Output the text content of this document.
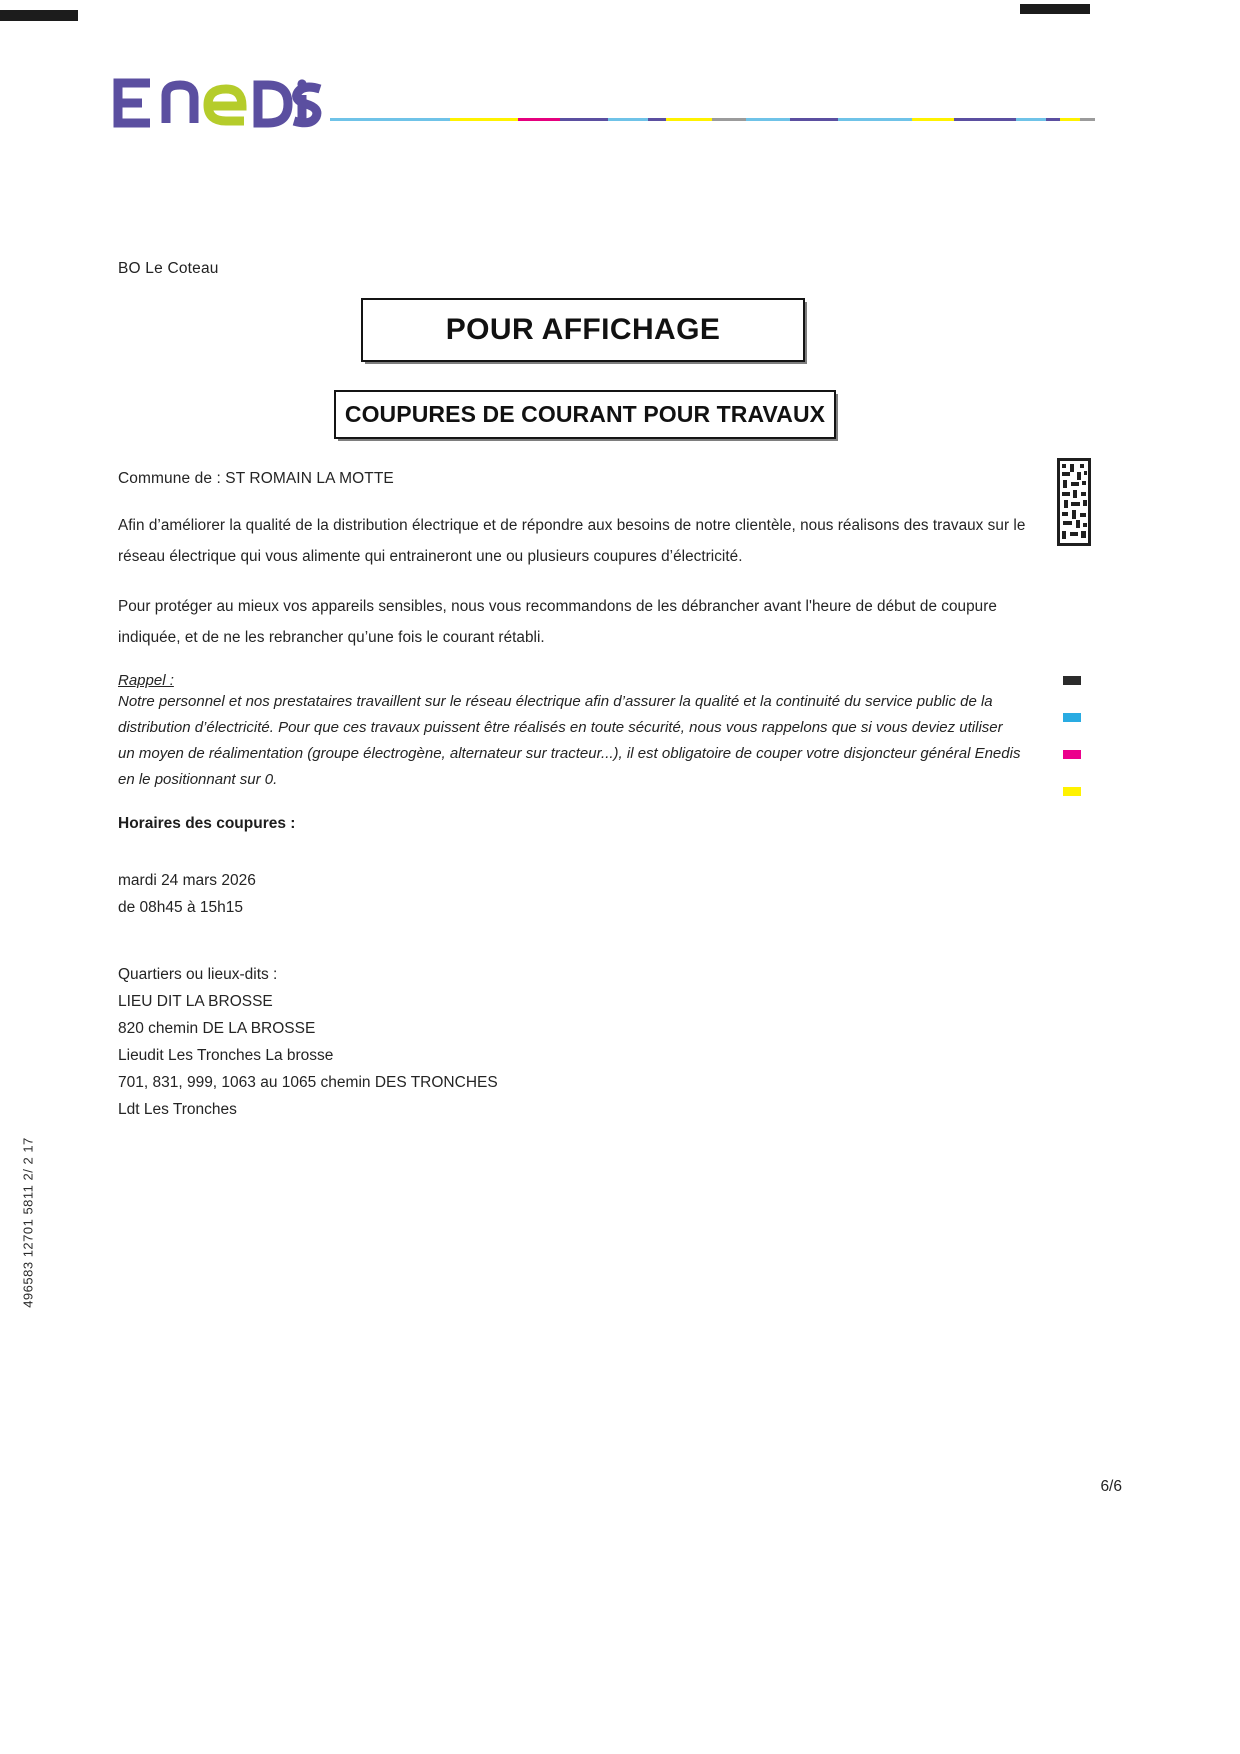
BO Le Coteau
POUR AFFICHAGE
COUPURES DE COURANT POUR TRAVAUX
Commune de : ST ROMAIN LA MOTTE

Afin d’améliorer la qualité de la distribution électrique et de répondre aux besoins de notre clientèle, nous réalisons des travaux sur le réseau électrique qui vous alimente qui entraineront une ou plusieurs coupures d’électricité.

Pour protéger au mieux vos appareils sensibles, nous vous recommandons de les débrancher avant l'heure de début de coupure indiquée, et de ne les rebrancher qu’une fois le courant rétabli.

Rappel :

Notre personnel et nos prestataires travaillent sur le réseau électrique afin d’assurer la qualité et la continuité du service public de la distribution d’électricité. Pour que ces travaux puissent être réalisés en toute sécurité, nous vous rappelons que si vous deviez utiliser un moyen de réalimentation (groupe électrogène, alternateur sur tracteur...), il est obligatoire de couper votre disjoncteur général Enedis en le positionnant sur 0.

Horaires des coupures :

mardi 24 mars 2026
de 08h45 à 15h15
Quartiers ou lieux-dits :
LIEU DIT LA BROSSE
820 chemin DE LA BROSSE
Lieudit Les Tronches La brosse
701, 831, 999, 1063 au 1065 chemin DES TRONCHES
Ldt Les Tronches
496583 12701 5811 2/ 2 17
6/6
